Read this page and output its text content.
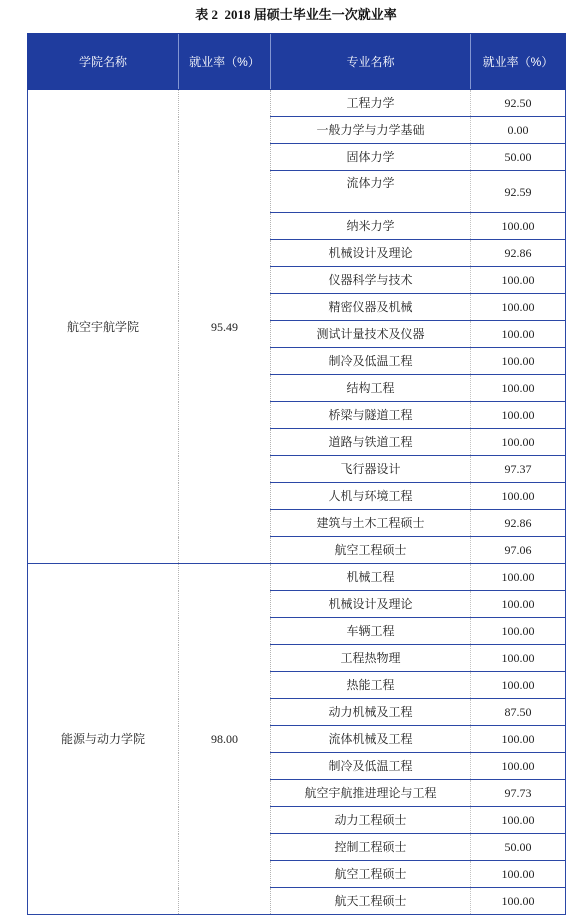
表 2  2018 届硕士毕业生一次就业率
学院名称	就业率（%）	专业名称	就业率（%）
航空宇航学院	95.49	工程力学	92.50
		一般力学与力学基础	0.00
		固体力学	50.00
		流体力学	92.59
		纳米力学	100.00
		机械设计及理论	92.86
		仪器科学与技术	100.00
		精密仪器及机械	100.00
		测试计量技术及仪器	100.00
		制冷及低温工程	100.00
		结构工程	100.00
		桥梁与隧道工程	100.00
		道路与铁道工程	100.00
		飞行器设计	97.37
		人机与环境工程	100.00
		建筑与土木工程硕士	92.86
		航空工程硕士	97.06
能源与动力学院	98.00	机械工程	100.00
		机械设计及理论	100.00
		车辆工程	100.00
		工程热物理	100.00
		热能工程	100.00
		动力机械及工程	87.50
		流体机械及工程	100.00
		制冷及低温工程	100.00
		航空宇航推进理论与工程	97.73
		动力工程硕士	100.00
		控制工程硕士	50.00
		航空工程硕士	100.00
		航天工程硕士	100.00
